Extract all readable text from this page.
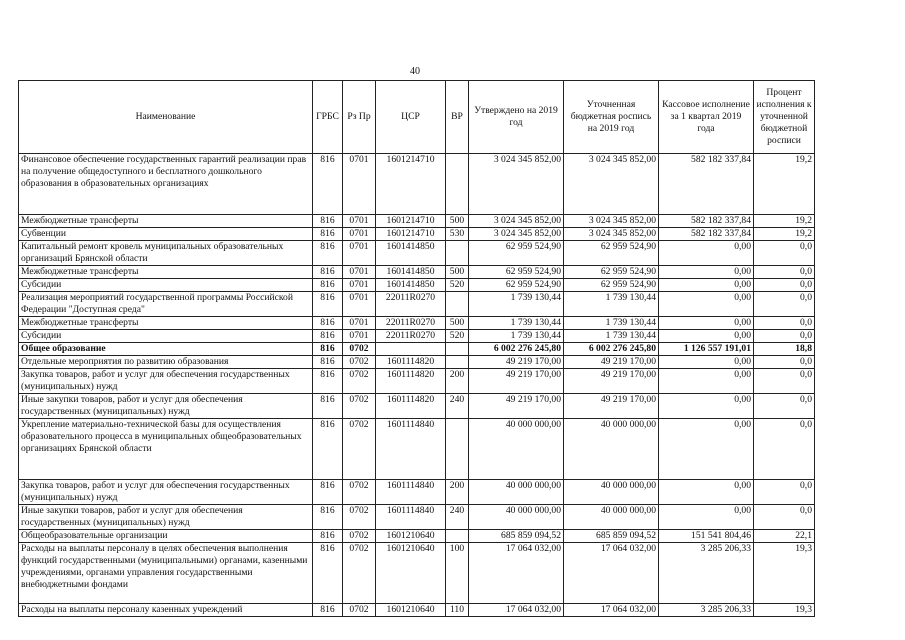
40
Наименование	ГРБС	Рз Пр	ЦСР	ВР	Утверждено на 2019 год	Уточненная бюджетная роспись на 2019 год	Кассовое исполнение за 1 квартал 2019 года	Процент исполнения к уточненной бюджетной росписи
Финансовое обеспечение государственных гарантий реализации прав на получение общедоступного и бесплатного дошкольного образования в образовательных организациях	816	0701	1601214710		3 024 345 852,00	3 024 345 852,00	582 182 337,84	19,2
Межбюджетные трансферты	816	0701	1601214710	500	3 024 345 852,00	3 024 345 852,00	582 182 337,84	19,2
Субвенции	816	0701	1601214710	530	3 024 345 852,00	3 024 345 852,00	582 182 337,84	19,2
Капитальный ремонт кровель муниципальных образовательных организаций Брянской области	816	0701	1601414850		62 959 524,90	62 959 524,90	0,00	0,0
Межбюджетные трансферты	816	0701	1601414850	500	62 959 524,90	62 959 524,90	0,00	0,0
Субсидии	816	0701	1601414850	520	62 959 524,90	62 959 524,90	0,00	0,0
Реализация мероприятий государственной программы Российской Федерации "Доступная среда"	816	0701	22011R0270		1 739 130,44	1 739 130,44	0,00	0,0
Межбюджетные трансферты	816	0701	22011R0270	500	1 739 130,44	1 739 130,44	0,00	0,0
Субсидии	816	0701	22011R0270	520	1 739 130,44	1 739 130,44	0,00	0,0
Общее образование	816	0702			6 002 276 245,80	6 002 276 245,80	1 126 557 191,01	18,8
Отдельные мероприятия по развитию образования	816	0702	1601114820		49 219 170,00	49 219 170,00	0,00	0,0
Закупка товаров, работ и услуг для обеспечения государственных (муниципальных) нужд	816	0702	1601114820	200	49 219 170,00	49 219 170,00	0,00	0,0
Иные закупки товаров, работ и услуг для обеспечения государственных (муниципальных) нужд	816	0702	1601114820	240	49 219 170,00	49 219 170,00	0,00	0,0
Укрепление материально-технической базы для осуществления образовательного процесса в муниципальных общеобразовательных организациях Брянской области	816	0702	1601114840		40 000 000,00	40 000 000,00	0,00	0,0
Закупка товаров, работ и услуг для обеспечения государственных (муниципальных) нужд	816	0702	1601114840	200	40 000 000,00	40 000 000,00	0,00	0,0
Иные закупки товаров, работ и услуг для обеспечения государственных (муниципальных) нужд	816	0702	1601114840	240	40 000 000,00	40 000 000,00	0,00	0,0
Общеобразовательные организации	816	0702	1601210640		685 859 094,52	685 859 094,52	151 541 804,46	22,1
Расходы на выплаты персоналу в целях обеспечения выполнения функций государственными (муниципальными) органами, казенными учреждениями, органами управления государственными внебюджетными фондами	816	0702	1601210640	100	17 064 032,00	17 064 032,00	3 285 206,33	19,3
Расходы на выплаты персоналу казенных учреждений	816	0702	1601210640	110	17 064 032,00	17 064 032,00	3 285 206,33	19,3
